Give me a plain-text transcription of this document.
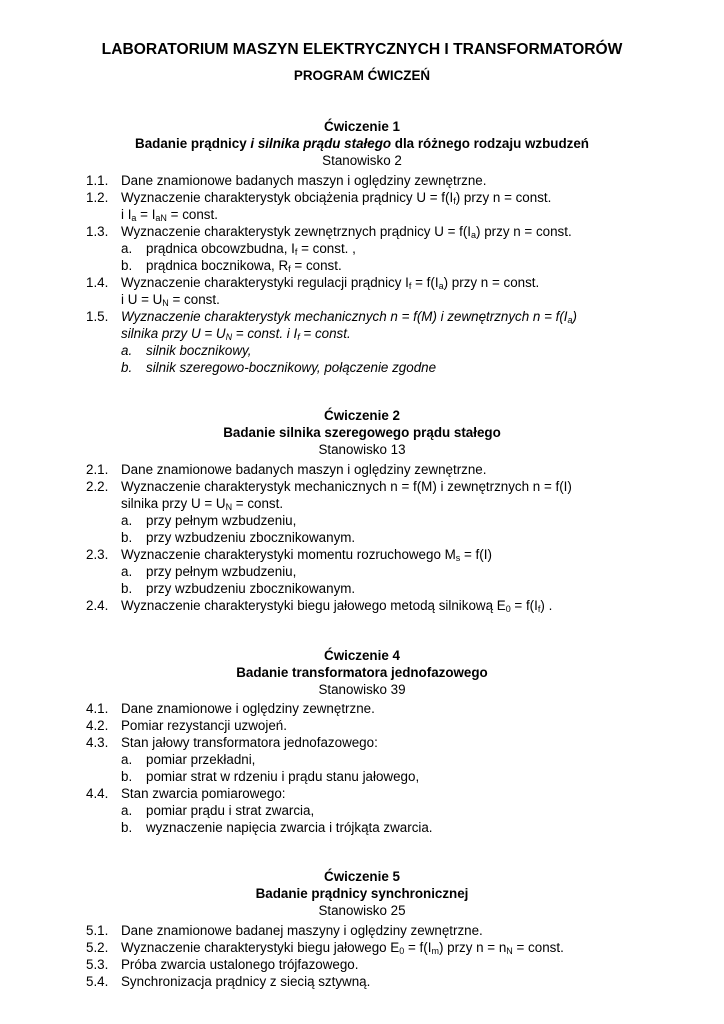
LABORATORIUM MASZYN ELEKTRYCZNYCH I TRANSFORMATORÓW
PROGRAM ĆWICZEŃ
Ćwiczenie 1
Badanie prądnicy i silnika prądu stałego dla różnego rodzaju wzbudzeń
Stanowisko 2
1.1. Dane znamionowe badanych maszyn i oględziny zewnętrzne.
1.2. Wyznaczenie charakterystyk obciążenia prądnicy $U = f(I_f)$ przy n = const.
i $I_a = I_{aN}$ = const.
1.3. Wyznaczenie charakterystyk zewnętrznych prądnicy $U = f(I_a)$ przy n = const.
a. prądnica obcowzbudna, $I_f$ = const. ,
b. prądnica bocznikowa, $R_f$ = const.
1.4. Wyznaczenie charakterystyki regulacji prądnicy $I_f = f(I_a)$ przy n = const.
i $U = U_N$ = const.
1.5. Wyznaczenie charakterystyk mechanicznych n = f(M) i zewnętrznych $n = f(I_a)$
silnika przy $U = U_N$ = const. i $I_f$ = const.
a. silnik bocznikowy,
b. silnik szeregowo-bocznikowy, połączenie zgodne
Ćwiczenie 2
Badanie silnika szeregowego prądu stałego
Stanowisko 13
2.1. Dane znamionowe badanych maszyn i oględziny zewnętrzne.
2.2. Wyznaczenie charakterystyk mechanicznych n = f(M) i zewnętrznych n = f(I)
silnika przy $U = U_N$ = const.
a. przy pełnym wzbudzeniu,
b. przy wzbudzeniu zbocznikowanym.
2.3. Wyznaczenie charakterystyki momentu rozruchowego $M_s = f(I)$
a. przy pełnym wzbudzeniu,
b. przy wzbudzeniu zbocznikowanym.
2.4. Wyznaczenie charakterystyki biegu jałowego metodą silnikową $E_0 = f(I_f)$ .
Ćwiczenie 4
Badanie transformatora jednofazowego
Stanowisko 39
4.1. Dane znamionowe i oględziny zewnętrzne.
4.2. Pomiar rezystancji uzwojeń.
4.3. Stan jałowy transformatora jednofazowego:
a. pomiar przekładni,
b. pomiar strat w rdzeniu i prądu stanu jałowego,
4.4. Stan zwarcia pomiarowego:
a. pomiar prądu i strat zwarcia,
b. wyznaczenie napięcia zwarcia i trójkąta zwarcia.
Ćwiczenie 5
Badanie prądnicy synchronicznej
Stanowisko 25
5.1. Dane znamionowe badanej maszyny i oględziny zewnętrzne.
5.2. Wyznaczenie charakterystyki biegu jałowego $E_0 = f(I_m)$ przy $n = n_N$ = const.
5.3. Próba zwarcia ustalonego trójfazowego.
5.4. Synchronizacja prądnicy z siecią sztywną.
